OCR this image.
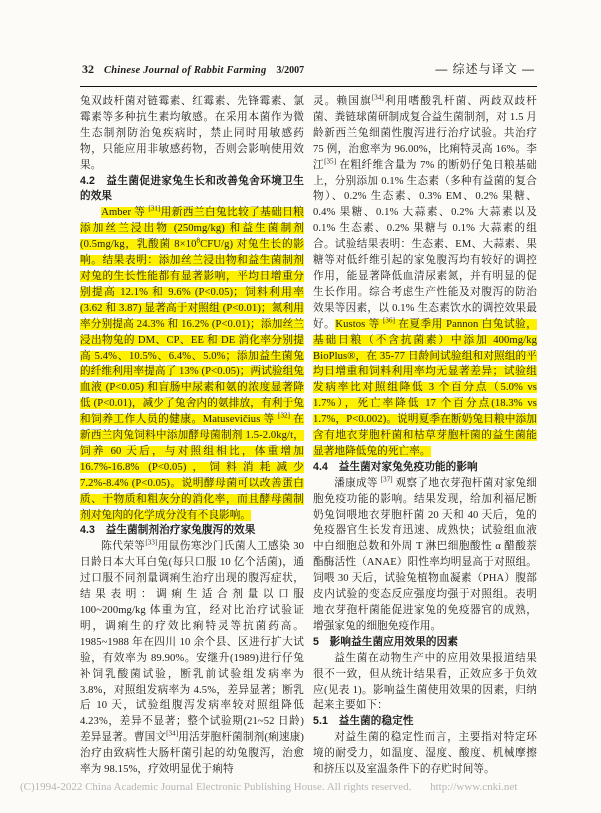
32 Chinese Journal of Rabbit Farming 3/2007	— 综述与译文 —
兔双歧杆菌对链霉素、红霉素、先锋霉素、氯霉素等多种抗生素均敏感。在采用本菌作为微生态制剂防治兔疾病时，禁止同时用敏感药物，只能应用非敏感药物，否则会影响使用效果。
4.2　益生菌促进家兔生长和改善兔舍环境卫生的效果
Amber 等 [31]用新西兰白兔比较了基础日粮添加丝兰浸出物 (250mg/kg) 和益生菌制剂 (0.5mg/kg，乳酸菌 $8\times 10^8CFU/g$) 对兔生长的影响。结果表明：添加丝兰浸出物和益生菌制剂对兔的生长性能都有显著影响，平均日增重分别提高 12.1% 和 9.6% (P<0.05)；饲料利用率 (3.62 和 3.87) 显著高于对照组 (P<0.01)；氮利用率分别提高 24.3% 和 16.2% (P<0.01)；添加丝兰浸出物兔的 DM、CP、EE 和 DE 消化率分别提高 5.4%、10.5%、6.4%、5.0%；添加益生菌兔的纤维利用率提高了 13% (P<0.05)；两试验组兔血液 (P<0.05) 和盲肠中尿素和氨的浓度显著降低 (P<0.01)，减少了兔舍内的氨排放，有利于兔和饲养工作人员的健康。Matusevičius 等 [32] 在新西兰肉兔饲料中添加酵母菌制剂 1.5-2.0kg/t，饲养 60 天后，与对照组相比，体重增加 16.7%-16.8% (P<0.05)，饲料消耗减少 7.2%-8.4% (P<0.05)。说明酵母菌可以改善蛋白质、干物质和粗灰分的消化率，而且酵母菌制剂对兔肉的化学成分没有不良影响。
4.3　益生菌制剂治疗家兔腹泻的效果
陈代荣等[33]用鼠伤寒沙门氏菌人工感染 30 日龄日本大耳白兔(每只口服 10 亿个活菌)，通过口服不同剂量调痢生治疗出现的腹泻症状，结果表明：调痢生适合剂量以口服 100~200mg/kg 体重为宜，经对比治疗试验证明，调痢生的疗效比痢特灵等抗菌药高。1985~1988 年在四川 10 余个县、区进行扩大试验，有效率为 89.90%。安继升(1989)进行仔兔补饲乳酸菌试验，断乳前试验组发病率为 3.8%，对照组发病率为 4.5%，差异显著；断乳后 10 天，试验组腹泻发病率较对照组降低 4.23%，差异不显著；整个试验期(21~52 日龄)差异显著。曹国文[34]用活芽胞杆菌制剂(痢速康)治疗由致病性大肠杆菌引起的幼兔腹泻，治愈率为 98.15%，疗效明显优于痢特
灵。赖国旗[34]利用嗜酸乳杆菌、两歧双歧杆菌、粪链球菌研制成复合益生菌制剂，对 1.5 月龄新西兰兔细菌性腹泻进行治疗试验。共治疗 75 例，治愈率为 96.00%，比痢特灵高 16%。李江[35] 在粗纤维含量为 7% 的断奶仔兔日粮基础上，分别添加 0.1% 生态素（多种有益菌的复合物）、0.2% 生态素、0.3% EM、0.2% 果糖、0.4% 果糖、0.1% 大蒜素、0.2% 大蒜素以及 0.1% 生态素、0.2% 果糖与 0.1% 大蒜素的组合。试验结果表明：生态素、EM、大蒜素、果糖等对低纤维引起的家兔腹泻均有较好的调控作用，能显著降低血清尿素氮，并有明显的促生长作用。综合考虑生产性能及对腹泻的防治效果等因素，以 0.1% 生态素饮水的调控效果最好。Kustos 等 [36] 在夏季用 Pannon 白兔试验，基础日粮（不含抗菌素）中添加 400mg/kg BioPlus®，在 35-77 日龄间试验组和对照组的平均日增重和饲料利用率均无显著差异；试验组发病率比对照组降低 3 个百分点（5.0% vs 1.7%），死亡率降低 17 个百分点(18.3% vs 1.7%，P<0.002)。说明夏季在断奶兔日粮中添加含有地衣芽胞杆菌和枯草芽胞杆菌的益生菌能显著地降低兔的死亡率。
4.4　益生菌对家兔免疫功能的影响
潘康成等 [37] 观察了地衣芽孢杆菌对家兔细胞免疫功能的影响。结果发现，给加利福尼断奶兔饲喂地衣芽胞杆菌 20 天和 40 天后，兔的免疫器官生长发育迅速、成熟快；试验组血液中白细胞总数和外周 T 淋巴细胞酸性 α 醋酸萘酯酶活性（ANAE）阳性率均明显高于对照组。饲喂 30 天后，试验兔植物血凝素（PHA）腹部皮内试验的变态反应强度均强于对照组。表明地衣芽孢杆菌能促进家兔的免疫器官的成熟，增强家兔的细胞免疫作用。
5　影响益生菌应用效果的因素
益生菌在动物生产中的应用效果报道结果很不一致，但从统计结果看，正效应多于负效应(见表 1)。影响益生菌使用效果的因素，归纳起来主要如下：
5.1　益生菌的稳定性
对益生菌的稳定性而言，主要指对特定环境的耐受力，如温度、湿度、酸度、机械摩擦和挤压以及室温条件下的存贮时间等。
(C)1994-2022 China Academic Journal Electronic Publishing House. All rights reserved. http://www.cnki.net
